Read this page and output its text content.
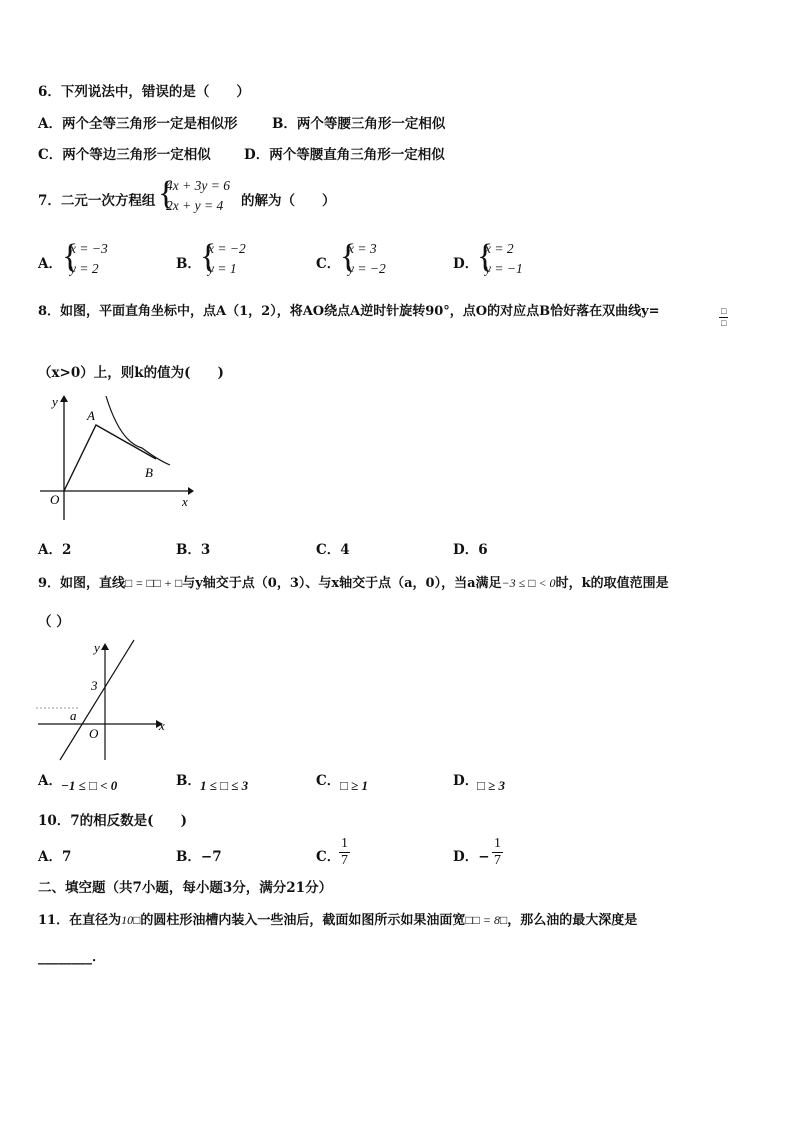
6．下列说法中，错误的是（　　）
A．两个全等三角形一定是相似形	B．两个等腰三角形一定相似
C．两个等边三角形一定相似 D．两个等腰直角三角形一定相似
7．二元一次方程组 {
4x + 3y = 6
2x + y = 4 的解为（　　）
A． {
x = −3
y = 2	B． {
x = −2
y = 1	C． {
x = 3
y = −2	D．
{
x = 2
y = −1
8．如图，平面直角坐标中，点A（1，2），将AO绕点A逆时针旋转90°，点O的对应点B恰好落在双曲线y=	□
□
（x>0）上，则k的值为(　　)
y
x
O
A
B
A．2	B．3	C．4	D．6
9．如图，直线□ = □□ + □与y轴交于点（0，3）、与x轴交于点（a，0），当a满足−3 ≤ □ < 0时，k的取值范围是
（ ）
y
x
O
a
3
A． −1 ≤ □ < 0	B． 1 ≤ □ ≤ 3	C． □ ≥ 1	D．
□ ≥ 3
10．7的相反数是(　　)
A．7	B．−7	C．
$\frac{1}{7}$	D．− $\frac{1}{7}$
二、填空题（共7小题，每小题3分，满分21分）
11．在直径为10□的圆柱形油槽内装入一些油后，截面如图所示如果油面宽□□ = 8□，那么油的最大深度是
________．
